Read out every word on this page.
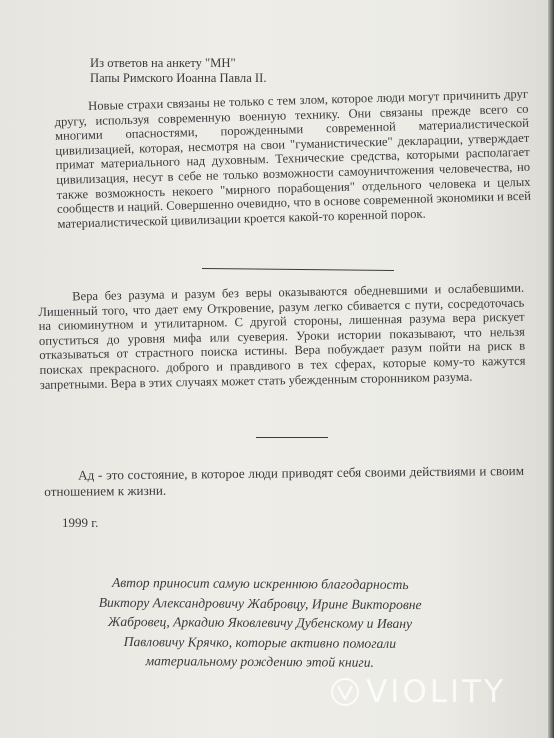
Из ответов на анкету "МН"
Папы Римского Иоанна Павла II.
Новые страхи связаны не только с тем злом, которое люди могут причинить друг другу, используя современную военную технику. Они связаны прежде всего со многими опасностями, порожденными современной материалистической цивилизацией, которая, несмотря на свои "гуманистические" декларации, утверждает примат материального над духовным. Технические средства, которыми располагает цивилизация, несут в себе не только возможности самоуничтожения человечества, но также возможность некоего "мирного порабощения" отдельного человека и целых сообществ и наций. Совершенно очевидно, что в основе современной экономики и всей материалистической цивилизации кроется какой-то коренной порок.
Вера без разума и разум без веры оказываются обедневшими и ослабевшими. Лишенный того, что дает ему Откровение, разум легко сбивается с пути, сосредоточась на сиюминутном и утилитарном. С другой стороны, лишенная разума вера рискует опуститься до уровня мифа или суеверия. Уроки истории показывают, что нельзя отказываться от страстного поиска истины. Вера побуждает разум пойти на риск в поисках прекрасного. доброго и правдивого в тех сферах, которые кому-то кажутся запретными. Вера в этих случаях может стать убежденным сторонником разума.
Ад - это состояние, в которое люди приводят себя своими действиями и своим отношением к жизни.
1999 г.
Автор приносит самую искреннюю благодарность
Виктору Александровичу Жабровцу, Ирине Викторовне
Жабровец, Аркадию Яковлевичу Дубенскому и Ивану
Павловичу Крячко, которые активно помогали
материальному рождению этой книги.
VIOLITY
